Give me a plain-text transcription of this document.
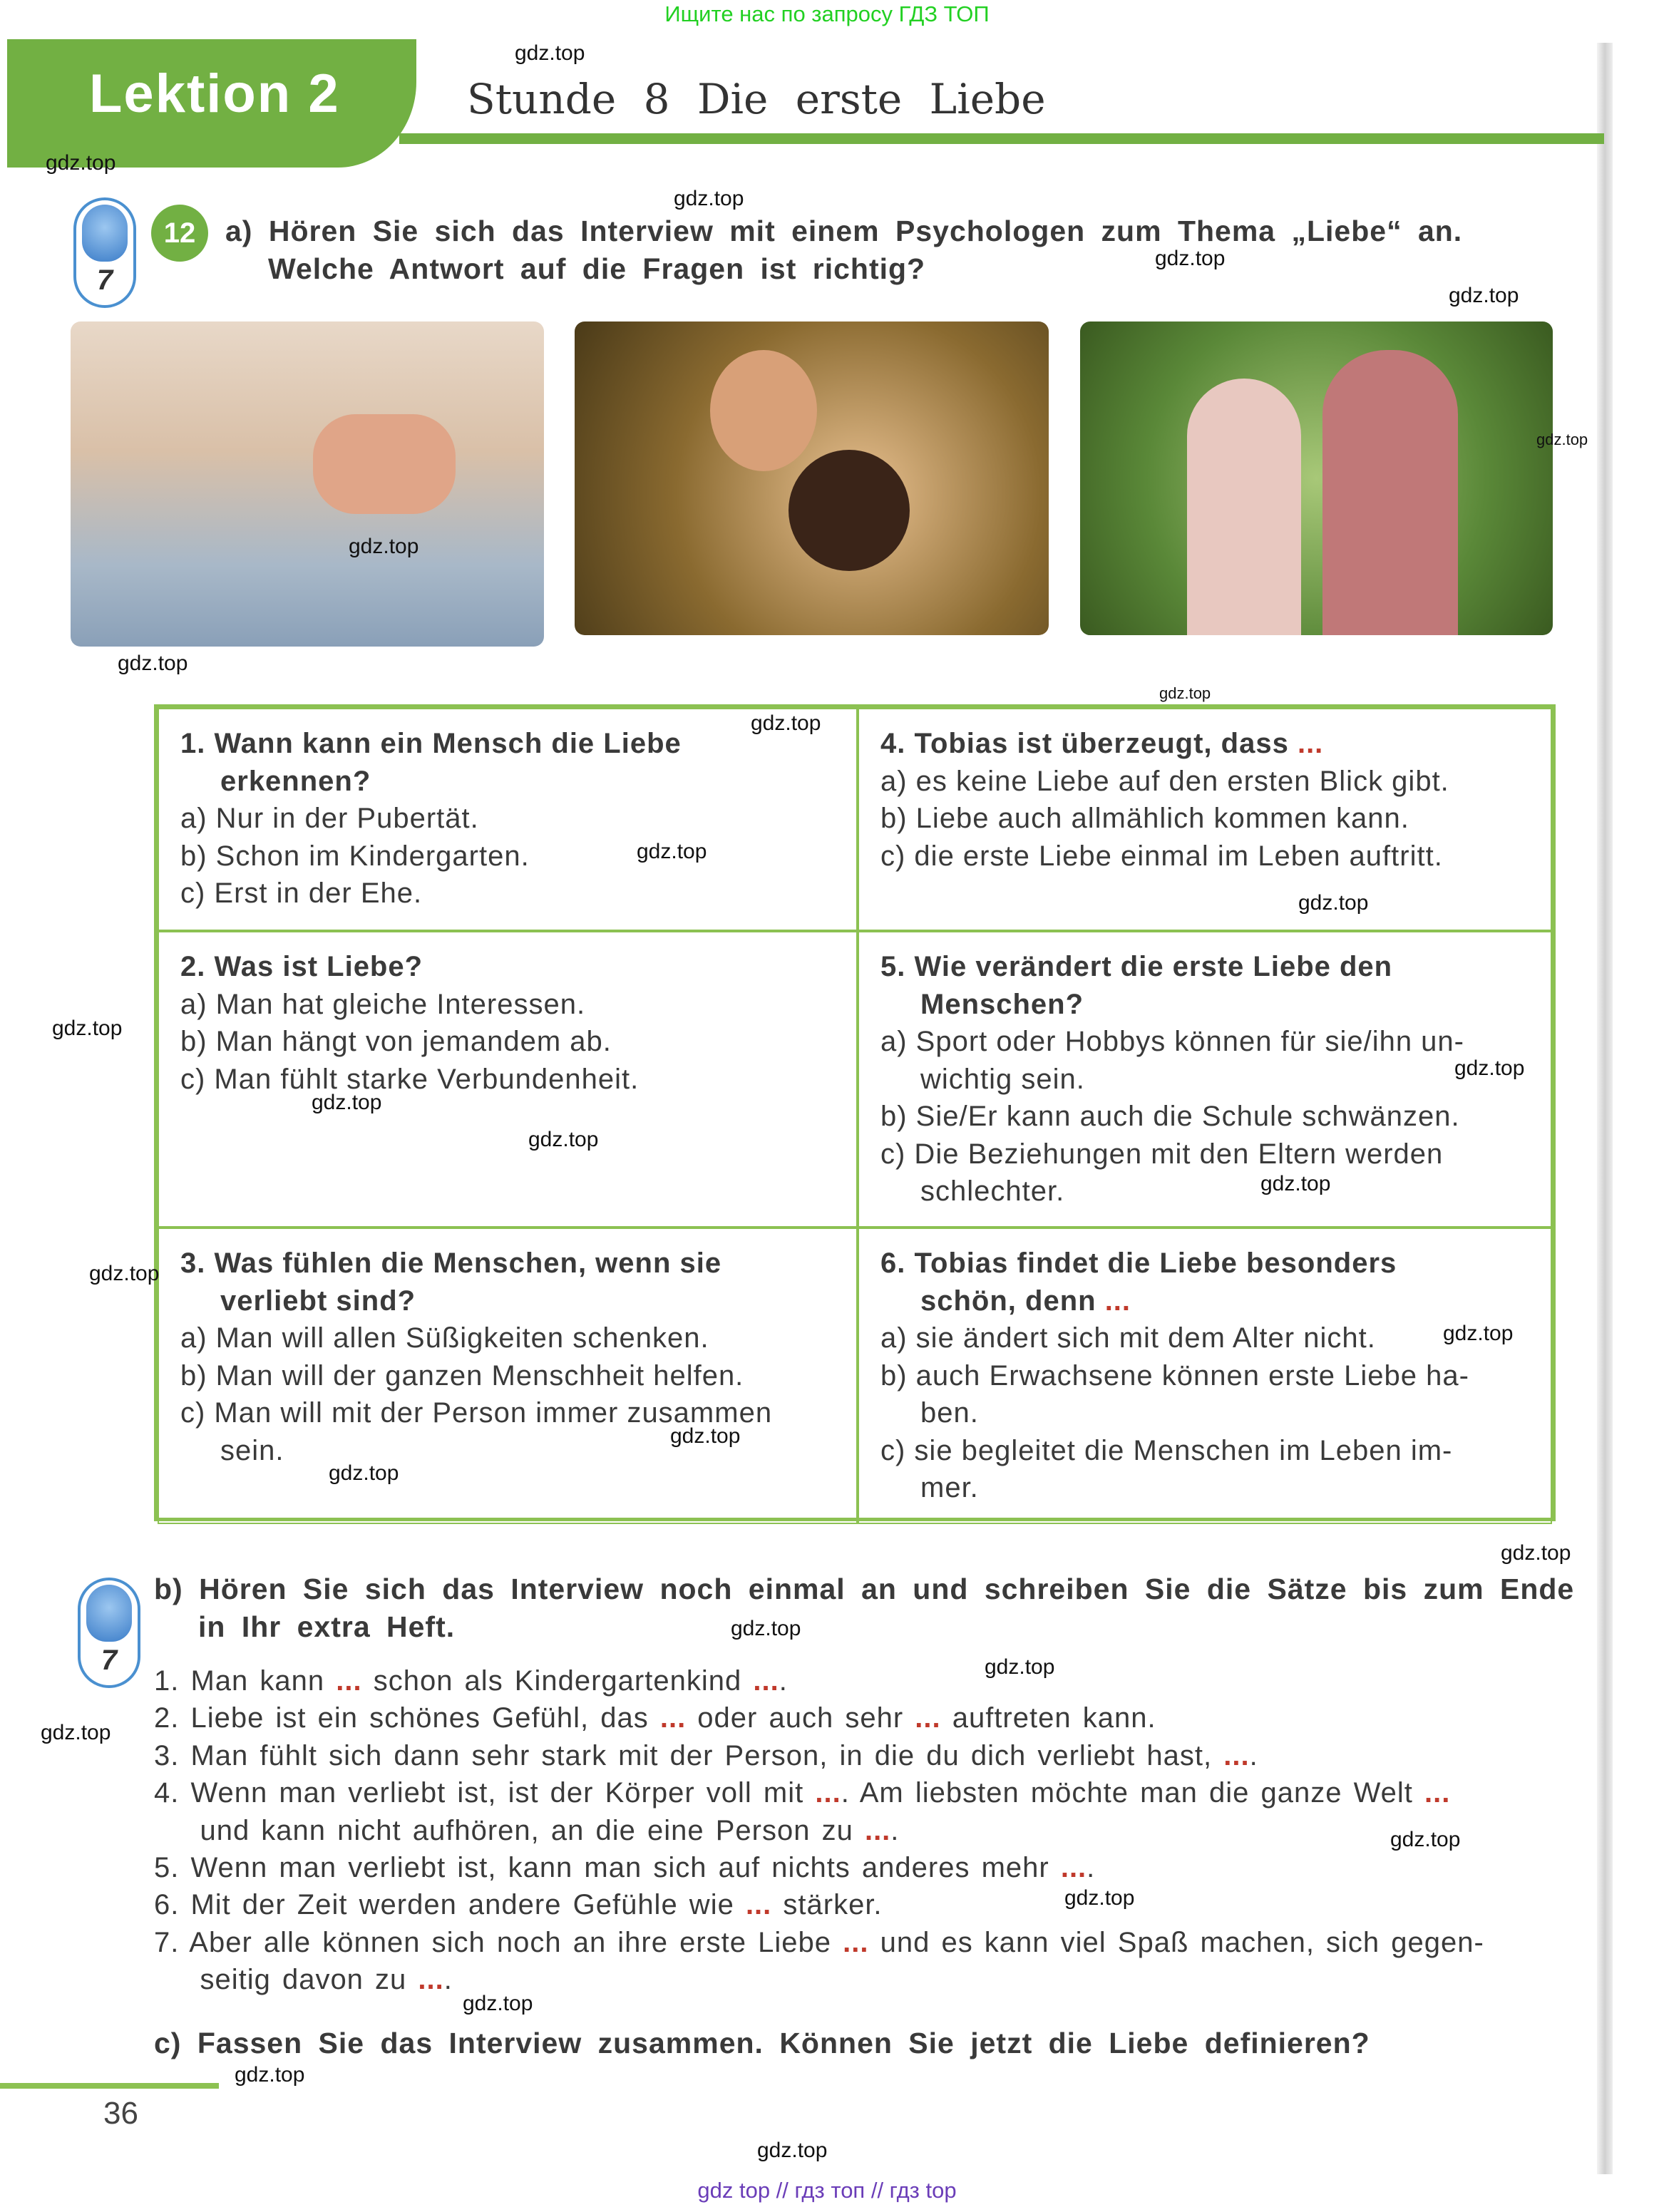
Ищите нас по запросу ГДЗ ТОП
Lektion 2	Stunde 8 Die erste Liebe
7
12	a) Hören Sie sich das Interview mit einem Psychologen zum Thema „Liebe“ an.
Welche Antwort auf die Fragen ist richtig?
1. Wann kann ein Mensch die Liebe
erkennen?
a) Nur in der Pubertät.
b) Schon im Kindergarten.
c) Erst in der Ehe.
4. Tobias ist überzeugt, dass ...
a) es keine Liebe auf den ersten Blick gibt.
b) Liebe auch allmählich kommen kann.
c) die erste Liebe einmal im Leben auftritt.
2. Was ist Liebe?
a) Man hat gleiche Interessen.
b) Man hängt von jemandem ab.
c) Man fühlt starke Verbundenheit.
5. Wie verändert die erste Liebe den
Menschen?
a) Sport oder Hobbys können für sie/ihn un-
wichtig sein.
b) Sie/Er kann auch die Schule schwänzen.
c) Die Beziehungen mit den Eltern werden
schlechter.
3. Was fühlen die Menschen, wenn sie
verliebt sind?
a) Man will allen Süßigkeiten schenken.
b) Man will der ganzen Menschheit helfen.
c) Man will mit der Person immer zusammen
sein.
6. Tobias findet die Liebe besonders
schön, denn ...
a) sie ändert sich mit dem Alter nicht.
b) auch Erwachsene können erste Liebe ha-
ben.
c) sie begleitet die Menschen im Leben im-
mer.
7
b) Hören Sie sich das Interview noch einmal an und schreiben Sie die Sätze bis zum Ende
in Ihr extra Heft.
1. Man kann ... schon als Kindergartenkind ....
2. Liebe ist ein schönes Gefühl, das ... oder auch sehr ... auftreten kann.
3. Man fühlt sich dann sehr stark mit der Person, in die du dich verliebt hast, ....
4. Wenn man verliebt ist, ist der Körper voll mit .... Am liebsten möchte man die ganze Welt ...
und kann nicht aufhören, an die eine Person zu ....
5. Wenn man verliebt ist, kann man sich auf nichts anderes mehr ....
6. Mit der Zeit werden andere Gefühle wie ... stärker.
7. Aber alle können sich noch an ihre erste Liebe ... und es kann viel Spaß machen, sich gegen-
seitig davon zu ....
c) Fassen Sie das Interview zusammen. Können Sie jetzt die Liebe definieren?
36
gdz.top
gdz.top
gdz.top
gdz.top
gdz.top
gdz.top
gdz.top
gdz.top
gdz.top
gdz.top
gdz.top
gdz.top
gdz.top
gdz.top
gdz.top
gdz.top
gdz.top
gdz.top
gdz.top
gdz.top
gdz.top
gdz.top
gdz.top
gdz.top
gdz.top
gdz.top
gdz.top
gdz.top
gdz.top
gdz.top
gdz top // гдз топ // гдз top
